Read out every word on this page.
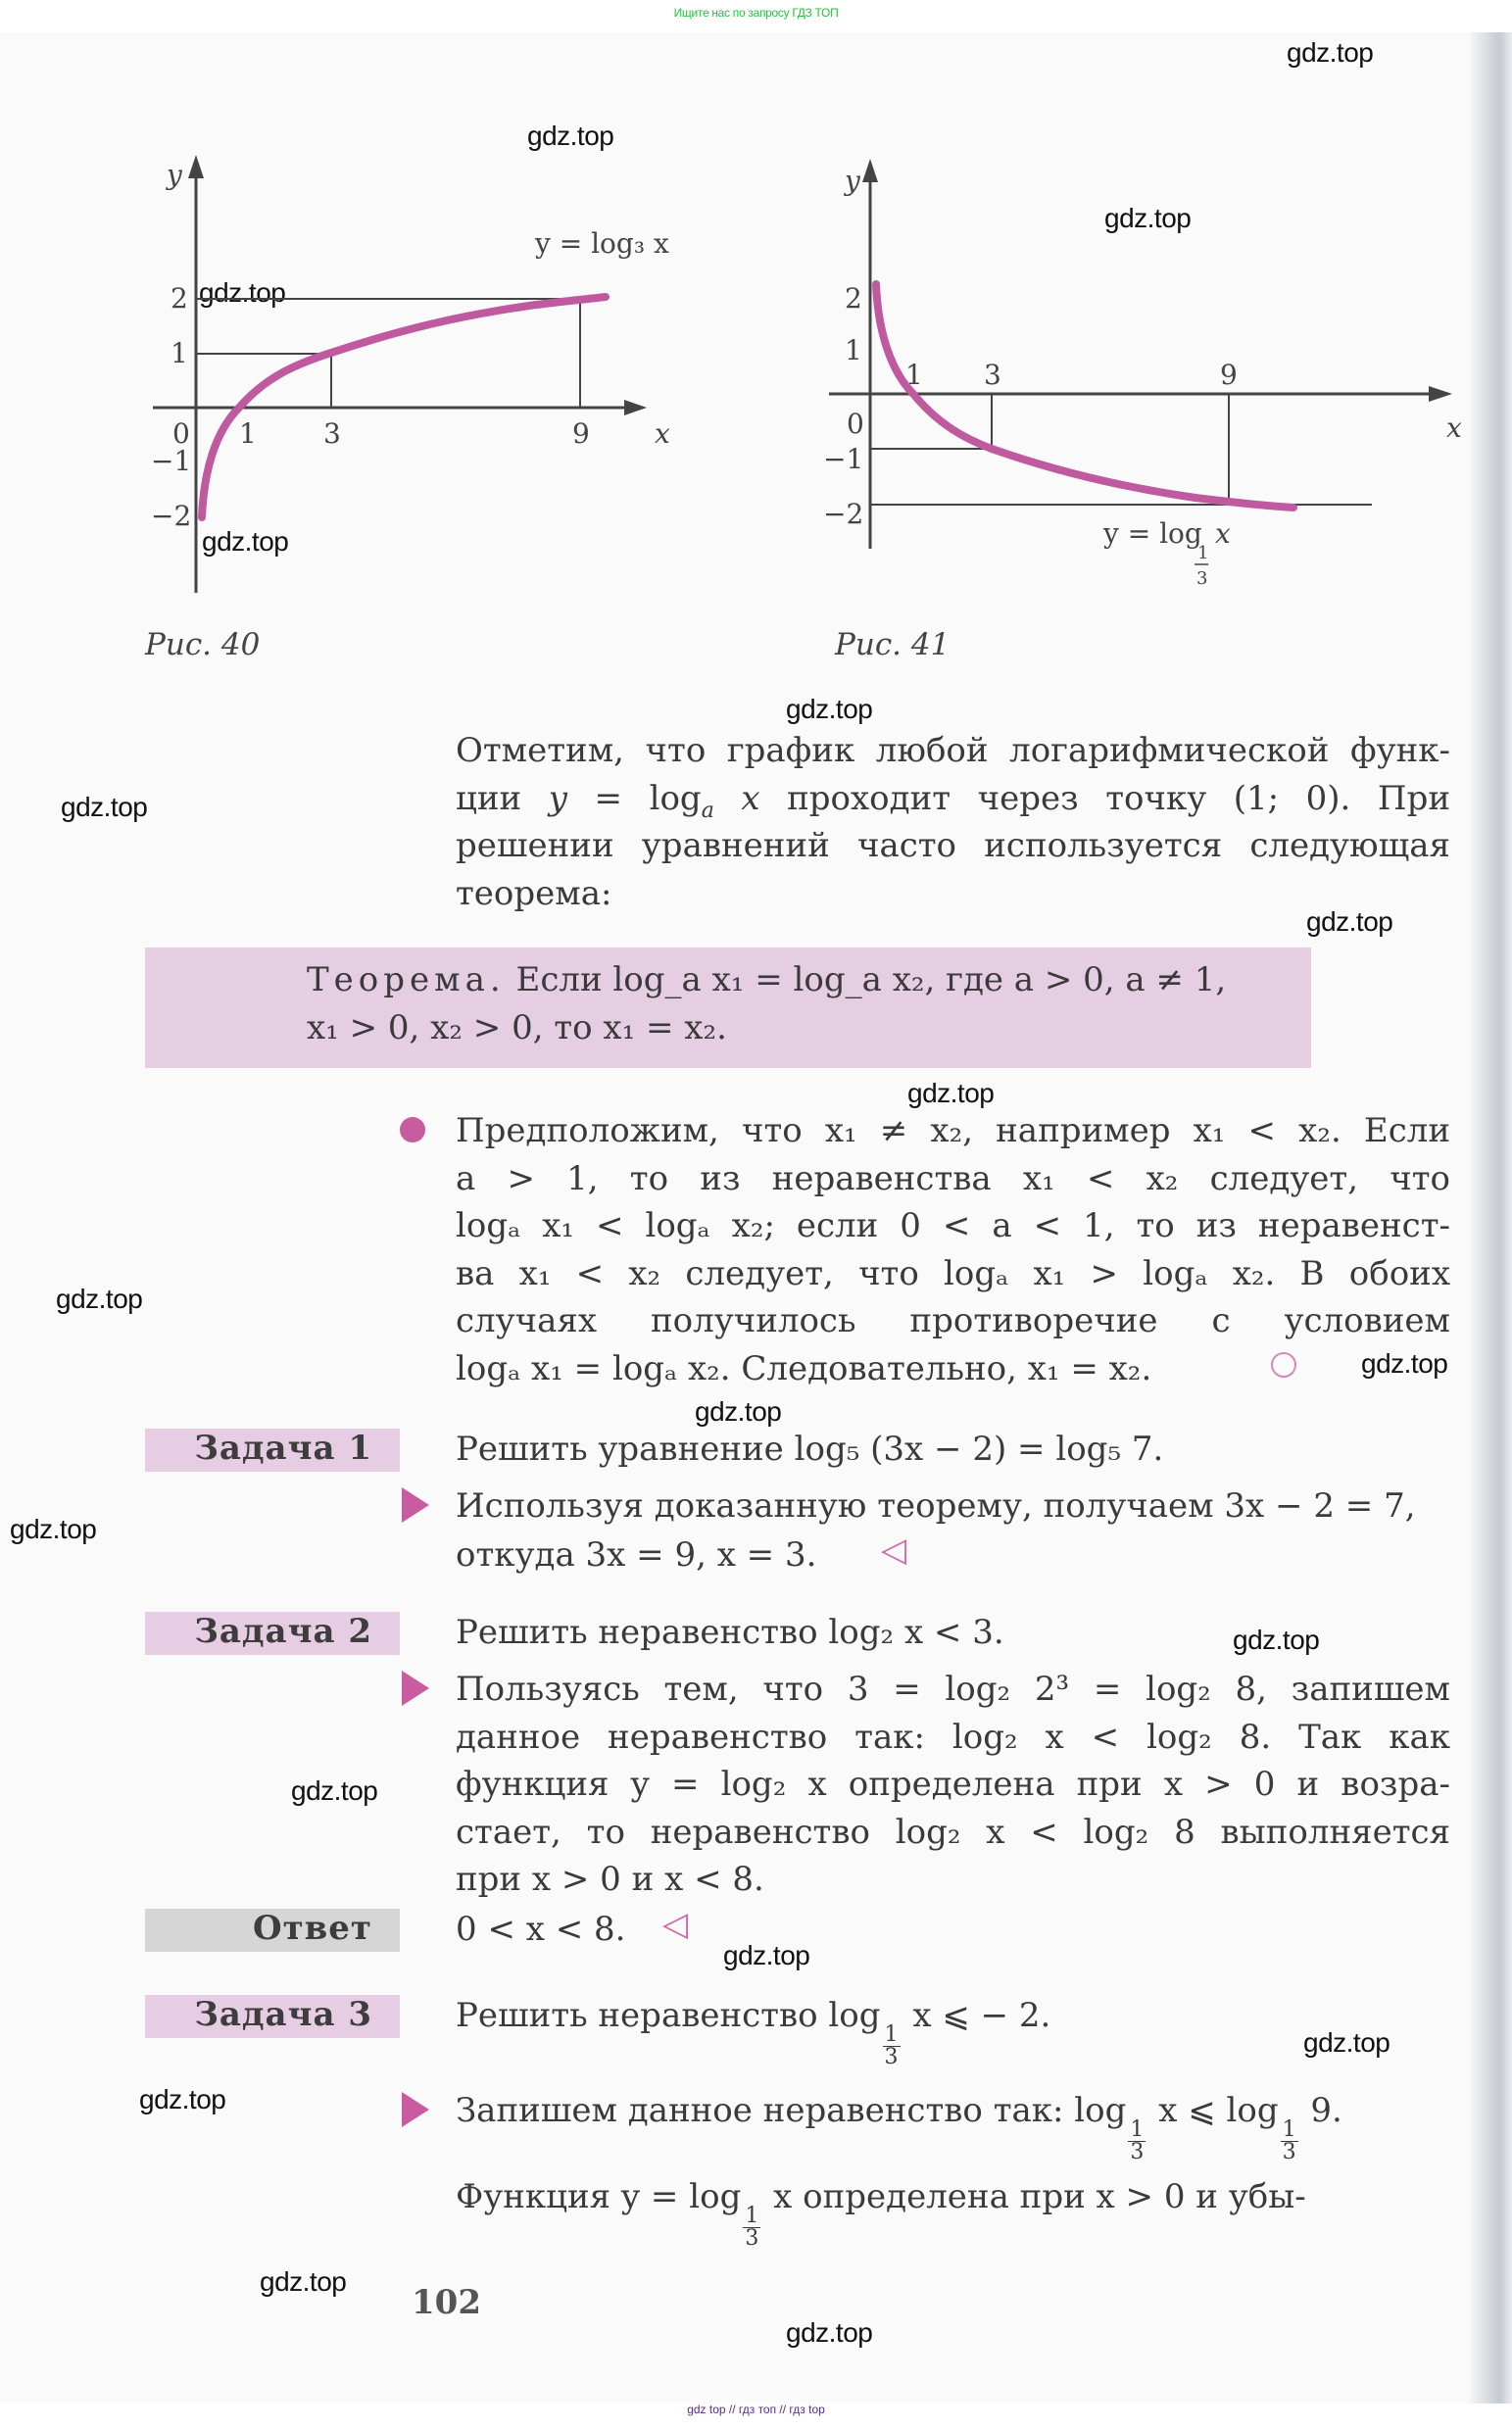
Ищите нас по запросу ГДЗ ТОП
gdz.top
gdz.top
gdz.top
gdz.top
gdz.top
gdz.top
gdz.top
gdz.top
gdz.top
gdz.top
gdz.top
gdz.top
gdz.top
gdz.top
gdz.top
gdz.top
gdz.top
gdz.top
gdz.top
gdz.top
y
x
0 1 3	9
2
1
−1
−2
y = log₃ x
Рис. 40
y
x
0
1 3	9
2
1
−1
−2
y = log
1
3
x
Рис. 41
Отметим, что график любой логарифмической функ-
ции $y = \log_a x$ проходит через точку (1; 0). При
решении уравнений часто используется следующая
теорема:
Теорема. Если log_a x₁ = log_a x₂, где a > 0, a ≠ 1,
x₁ > 0, x₂ > 0, то x₁ = x₂.
Предположим, что x₁ ≠ x₂, например x₁ < x₂. Если
a > 1, то из неравенства x₁ < x₂ следует, что
logₐ x₁ < logₐ x₂; если 0 < a < 1, то из неравенст-
ва x₁ < x₂ следует, что logₐ x₁ > logₐ x₂. В обоих
случаях получилось противоречие с условием
logₐ x₁ = logₐ x₂. Следовательно, x₁ = x₂.
Задача 1	Решить уравнение log₅ (3x − 2) = log₅ 7.
Используя доказанную теорему, получаем 3x − 2 = 7,
откуда 3x = 9, x = 3. ◁
Задача 2	Решить неравенство log₂ x < 3.
Пользуясь тем, что 3 = log₂ 2³ = log₂ 8, запишем
данное неравенство так: log₂ x < log₂ 8. Так как
функция y = log₂ x определена при x > 0 и возра-
стает, то неравенство log₂ x < log₂ 8 выполняется
при x > 0 и x < 8.
Ответ	0 < x < 8. ◁
Задача 3	Решить неравенство log
$\frac{1}{3}$
x ⩽ − 2.
Запишем данное неравенство так: log
$\frac{1}{3}$
x ⩽ log
$\frac{1}{3}$
9.
Функция y = log
$\frac{1}{3}$
x определена при x > 0 и убы-
102
gdz top // гдз топ // гдз top
